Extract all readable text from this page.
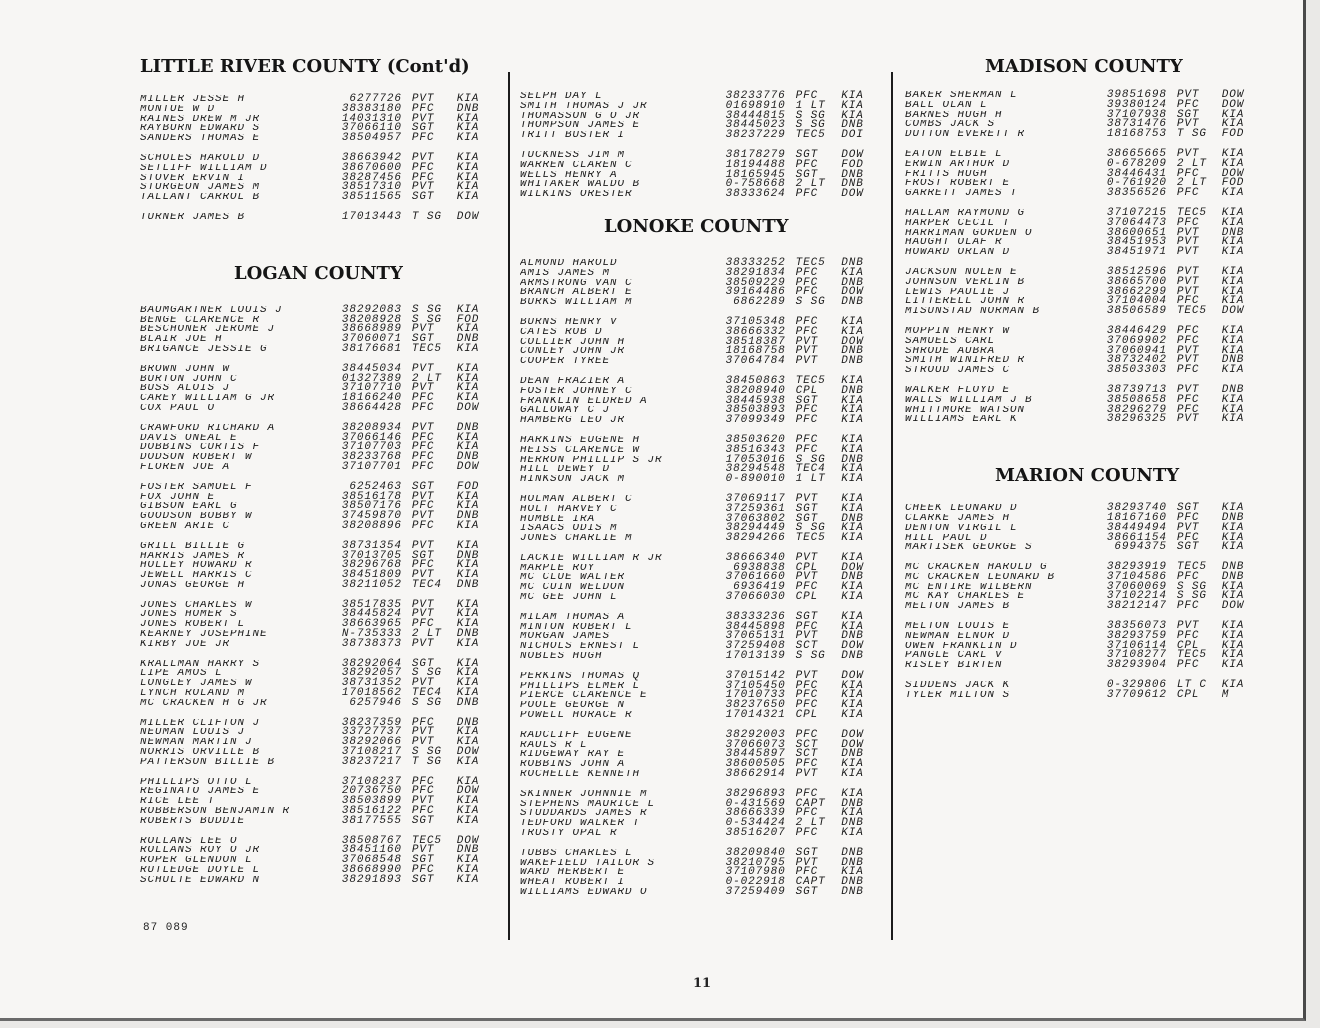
LITTLE RIVER COUNTY (Cont'd)
MILLER JESSE H	6277726 PVT	KIA
MONTUE W D	38383180 PFC	DNB
RAINES DREW M JR	14031310 PVT	KIA
RAYBURN EDWARD S	37066110 SGT	KIA
SANDERS THOMAS E	38504957 PFC	KIA
SCHOLES HAROLD D	38663942 PVT	KIA
SETLIFF WILLIAM D	38670600 PFC	KIA
STOVER ERVIN I	38287456 PFC	KIA
STURGEON JAMES M	38517310 PVT	KIA
TALLANT CARROL B	38511565 SGT	KIA
TURNER JAMES B	17013443 T SG	DOW
LOGAN COUNTY
BAUMGARTNER LOUIS J	38292083 S SG	KIA
BENGE CLARENCE R	38208928 S SG	FOD
BESCHONER JEROME J	38668989 PVT	KIA
BLAIR JOE H	37060071 SGT	DNB
BRIGANCE JESSIE G	38176681 TEC5	KIA
BROWN JOHN W	38445034 PVT	KIA
BURTON JOHN C	01327389 2 LT	KIA
BUSS ALOIS J	37107710 PVT	KIA
CAREY WILLIAM G JR	18166240 PFC	KIA
COX PAUL O	38664428 PFC	DOW
CRAWFORD RICHARD A	38208934 PVT	DNB
DAVIS ONEAL E	37066146 PFC	KIA
DOBBINS CURTIS F	37107703 PFC	KIA
DODSON ROBERT W	38233768 PFC	DNB
FLOREN JOE A	37107701 PFC	DOW
FOSTER SAMUEL F	6252463 SGT	FOD
FOX JOHN E	38516178 PVT	KIA
GIBSON EARL G	38507176 PFC	KIA
GOODSON BOBBY W	37459870 PVT	DNB
GREEN ARIE C	38208896 PFC	KIA
GRILL BILLIE G	38731354 PVT	KIA
HARRIS JAMES R	37013705 SGT	DNB
HOLLEY HOWARD R	38296768 PFC	KIA
JEWELL HARRIS C	38451809 PVT	KIA
JONAS GEORGE H	38211052 TEC4	DNB
JONES CHARLES W	38517835 PVT	KIA
JONES HOMER S	38445824 PVT	KIA
JONES ROBERT L	38663965 PFC	KIA
KEARNEY JOSEPHINE	N-735333 2 LT	DNB
KIRBY JOE JR	38738373 PVT	KIA
KRALLMAN HARRY S	38292064 SGT	KIA
LIPE AMOS L	38292057 S SG	KIA
LONGLEY JAMES W	38731352 PVT	KIA
LYNCH ROLAND M	17018562 TEC4	KIA
MC CRACKEN H G JR	6257946 S SG	DNB
MILLER CLIFTON J	38237359 PFC	DNB
NEUMAN LOUIS J	33727737 PVT	KIA
NEWMAN MARTIN J	38292066 PVT	KIA
NORRIS ORVILLE B	37108217 S SG	DOW
PATTERSON BILLIE B	38237217 T SG	KIA
PHILLIPS OTTO L	37108237 PFC	KIA
REGINATO JAMES E	20736750 PFC	DOW
RICE LEE T	38503899 PVT	KIA
ROBBERSON BENJAMIN R	38516122 PFC	KIA
ROBERTS BUDDIE	38177555 SGT	KIA
ROLLANS LEE O	38508767 TEC5	DOW
ROLLANS ROY O JR	38451160 PVT	DNB
ROPER GLENDON L	37068548 SGT	KIA
RUTLEDGE DOYLE L	38668990 PFC	KIA
SCHULTE EDWARD N	38291893 SGT	KIA
SELPH DAY L	38233776 PFC	KIA
SMITH THOMAS J JR	01698910 1 LT	KIA
THOMASSON G O JR	38444815 S SG	KIA
THOMPSON JAMES E	38445023 S SG	DNB
TRITT BUSTER I	38237229 TEC5	DOI
TUCKNESS JIM M	38178279 SGT	DOW
WARREN CLAREN C	18194488 PFC	FOD
WELLS HENRY A	18165945 SGT	DNB
WHITAKER WALDO B	0-758668 2 LT	DNB
WILKINS ORESTER	38333624 PFC	DOW
LONOKE COUNTY
ALMOND HAROLD	38333252 TEC5	DNB
AMIS JAMES M	38291834 PFC	KIA
ARMSTRONG VAN C	38509229 PFC	DNB
BRANCH ALBERT E	39164486 PFC	DOW
BURKS WILLIAM M	6862289 S SG	DNB
BURNS HENRY V	37105348 PFC	KIA
CATES ROB D	38666332 PFC	KIA
COLLIER JOHN H	38518387 PVT	DOW
CONLEY JOHN JR	18168758 PVT	DNB
COOPER TYREE	37064784 PVT	DNB
DEAN FRAZIER A	38450863 TEC5	KIA
FOSTER JOHNEY C	38208940 CPL	DNB
FRANKLIN ELDRED A	38445938 SGT	KIA
GALLOWAY C J	38503893 PFC	KIA
HAMBERG LEO JR	37099349 PFC	KIA
HARKINS EUGENE H	38503620 PFC	KIA
HEISS CLARENCE W	38516343 PFC	KIA
HERRON PHILLIP S JR	17053016 S SG	DNB
HILL DEWEY D	38294548 TEC4	KIA
HINKSON JACK M	0-890010 1 LT	KIA
HOLMAN ALBERT C	37069117 PVT	KIA
HOLT HARVEY C	37259361 SGT	KIA
HUMBLE IRA	37063802 SGT	DNB
ISAACS ODIS M	38294449 S SG	KIA
JONES CHARLIE M	38294266 TEC5	KIA
LACKIE WILLIAM R JR	38666340 PVT	KIA
MARPLE ROY	6938838 CPL	DOW
MC CLUE WALTER	37061660 PVT	DNB
MC CUIN WELDON	6936419 PFC	KIA
MC GEE JOHN L	37066030 CPL	KIA
MILAM THOMAS A	38333236 SGT	KIA
MINTON ROBERT L	38445898 PFC	KIA
MORGAN JAMES	37065131 PVT	DNB
NICHOLS ERNEST L	37259408 SCT	DOW
NOBLES HUGH	17013139 S SG	DNB
PERKINS THOMAS Q	37015142 PVT	DOW
PHILLIPS ELMER L	37105450 PFC	KIA
PIERCE CLARENCE E	17010733 PFC	KIA
POOLE GEORGE N	38237650 PFC	KIA
POWELL HORACE R	17014321 CPL	KIA
RADCLIFF EUGENE	38292003 PFC	DOW
RAULS R L	37066073 SCT	DOW
RIDGEWAY RAY E	38445897 SCT	DNB
ROBBINS JOHN A	38600505 PFC	KIA
ROCHELLE KENNETH	38662914 PVT	KIA
SKINNER JOHNNIE M	38296893 PFC	KIA
STEPHENS MAURICE L	0-431569 CAPT	DNB
STUDDARDS JAMES R	38666339 PFC	KIA
TEDFORD WALKER T	0-534424 2 LT	DNB
TRUSTY OPAL R	38516207 PFC	KIA
TUBBS CHARLES L	38209840 SGT	DNB
WAKEFIELD TAILOR S	38210795 PVT	DNB
WARD HERBERT E	37107980 PFC	KIA
WHEAT ROBERT I	0-022918 CAPT	DNB
WILLIAMS EDWARD O	37259409 SGT	DNB
MADISON COUNTY
BAKER SHERMAN L	39851698 PVT	DOW
BALL OLAN L	39380124 PFC	DOW
BARNES HUGH H	37107938 SGT	KIA
COMBS JACK S	38731476 PVT	KIA
DUTTON EVERETT R	18168753 T SG	FOD
EATON ELBIE L	38665665 PVT	KIA
ERWIN ARTHUR D	0-678209 2 LT	KIA
FRITTS HUGH	38446431 PFC	DOW
FROST ROBERT E	0-761920 2 LT	FOD
GARRETT JAMES T	38356526 PFC	KIA
HALLAM RAYMOND G	37107215 TEC5	KIA
HARPER CECIL T	37064473 PFC	KIA
HARRIMAN GORDEN O	38600651 PVT	DNB
HAUGHT OLAF R	38451953 PVT	KIA
HOWARD ORLAN D	38451971 PVT	KIA
JACKSON NOLEN E	38512596 PVT	KIA
JOHNSON VERLIN B	38665700 PVT	KIA
LEWIS PAULIE J	38662299 PVT	KIA
LITTERELL JOHN R	37104004 PFC	KIA
MISUNSTAD NORMAN B	38506589 TEC5	DOW
MOPPIN HENRY W	38446429 PFC	KIA
SAMUELS CARL	37069902 PFC	KIA
SHRODE AUBRA	37060941 PVT	KIA
SMITH WINIFRED R	38732402 PVT	DNB
STROUD JAMES C	38503303 PFC	KIA
WALKER FLOYD E	38739713 PVT	DNB
WALLS WILLIAM J B	38508658 PFC	KIA
WHITTMORE WATSON	38296279 PFC	KIA
WILLIAMS EARL K	38296325 PVT	KIA
MARION COUNTY
CHEEK LEONARD D	38293740 SGT	KIA
CLARKE JAMES H	18167160 PFC	DNB
DENTON VIRGIL L	38449494 PVT	KIA
HILL PAUL D	38661154 PFC	KIA
MARTISEK GEORGE S	6994375 SGT	KIA
MC CRACKEN HAROLD G	38293919 TEC5	DNB
MC CRACKEN LEONARD B	37104586 PFC	DNB
MC ENTIRE WILBERN	37060069 S SG	KIA
MC KAY CHARLES E	37102214 S SG	KIA
MELTON JAMES B	38212147 PFC	DOW
MELTON LOUIS E	38356073 PVT	KIA
NEWMAN ELNOR D	38293759 PFC	KIA
OWEN FRANKLIN D	37106114 CPL	KIA
PANGLE CARL V	37108277 TEC5	KIA
RISLEY BIRTEN	38293904 PFC	KIA
SIDDENS JACK K	0-329806 LT C	KIA
TYLER MILTON S	37709612 CPL	M
87 089
11
